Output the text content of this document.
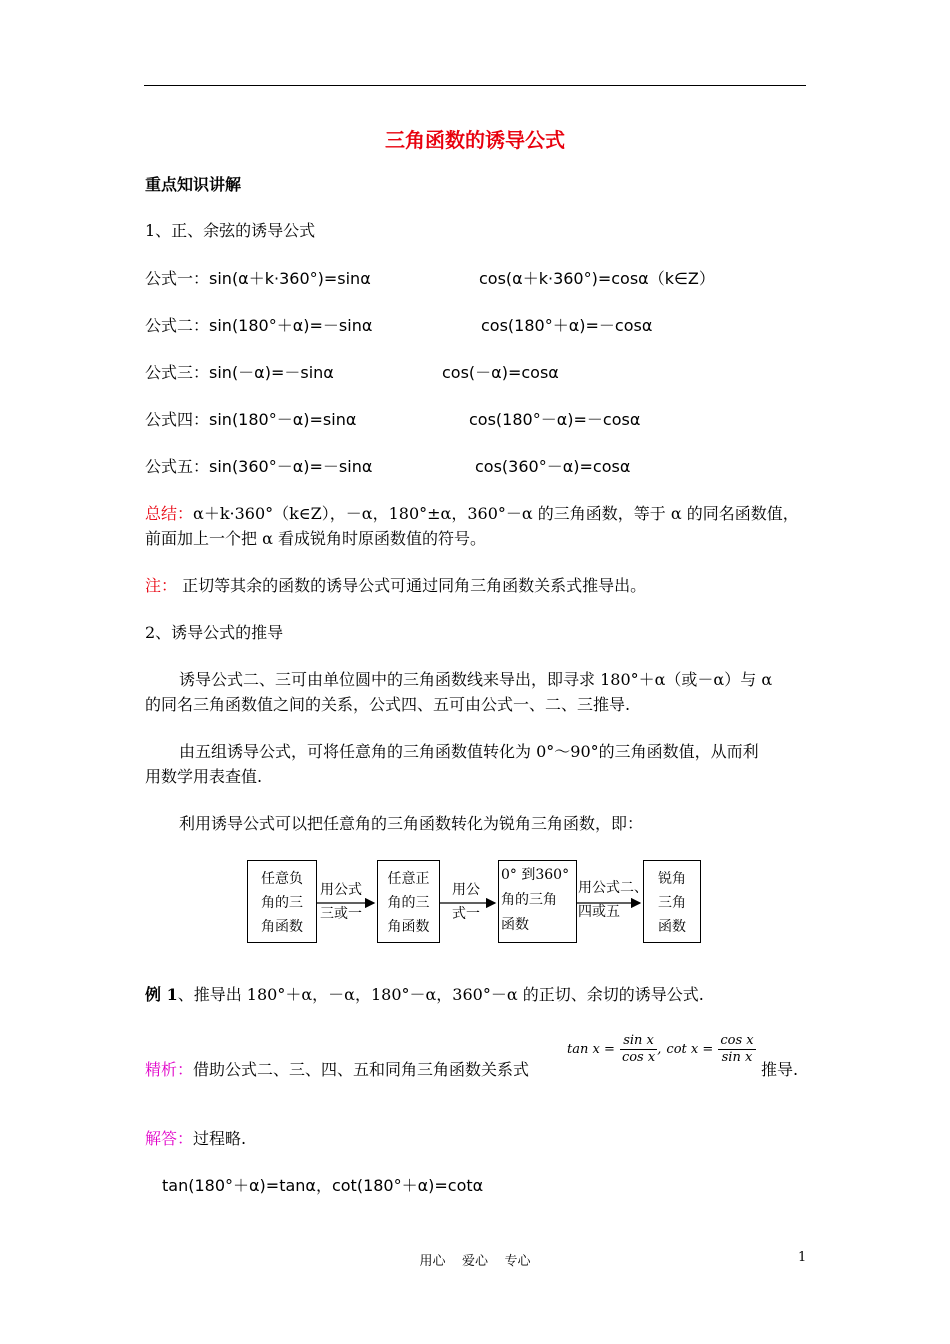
三角函数的诱导公式
重点知识讲解
1、正、余弦的诱导公式
公式一：sin(α＋k·360°)=sinα	cos(α＋k·360°)=cosα（k∈Z）
公式二：sin(180°＋α)=－sinα	cos(180°＋α)=－cosα
公式三：sin(－α)=－sinα	cos(－α)=cosα
公式四：sin(180°－α)=sinα	cos(180°－α)=－cosα
公式五：sin(360°－α)=－sinα	cos(360°－α)=cosα
总结：α＋k·360°（k∈Z），－α，180°±α，360°－α 的三角函数，等于 α 的同名函数值，
前面加上一个把 α 看成锐角时原函数值的符号。
注： 正切等其余的函数的诱导公式可通过同角三角函数关系式推导出。
2、诱导公式的推导
诱导公式二、三可由单位圆中的三角函数线来导出，即寻求 180°＋α（或－α）与 α
的同名三角函数值之间的关系，公式四、五可由公式一、二、三推导.
由五组诱导公式，可将任意角的三角函数值转化为 0°～90°的三角函数值，从而利
用数学用表查值.
利用诱导公式可以把任意角的三角函数转化为锐角三角函数，即：
任意负
角的三
角函数
用公式
三或一
任意正
角的三
角函数
用公
式一
0° 到360°
角的三角
函数
用公式二、
四或五
锐角
三角
函数
例 1、推导出 180°＋α，－α，180°－α，360°－α 的正切、余切的诱导公式.
精析：借助公式二、三、四、五和同角三角函数关系式
$\tan x = \frac{\text{sin x}}{\text{cos x}}$ , $\cot x = \frac{\text{cos x}}{\text{sin x}}$
推导.
解答：过程略.
tan(180°＋α)=tanα，cot(180°＋α)=cotα
用心    爱心    专心	1
